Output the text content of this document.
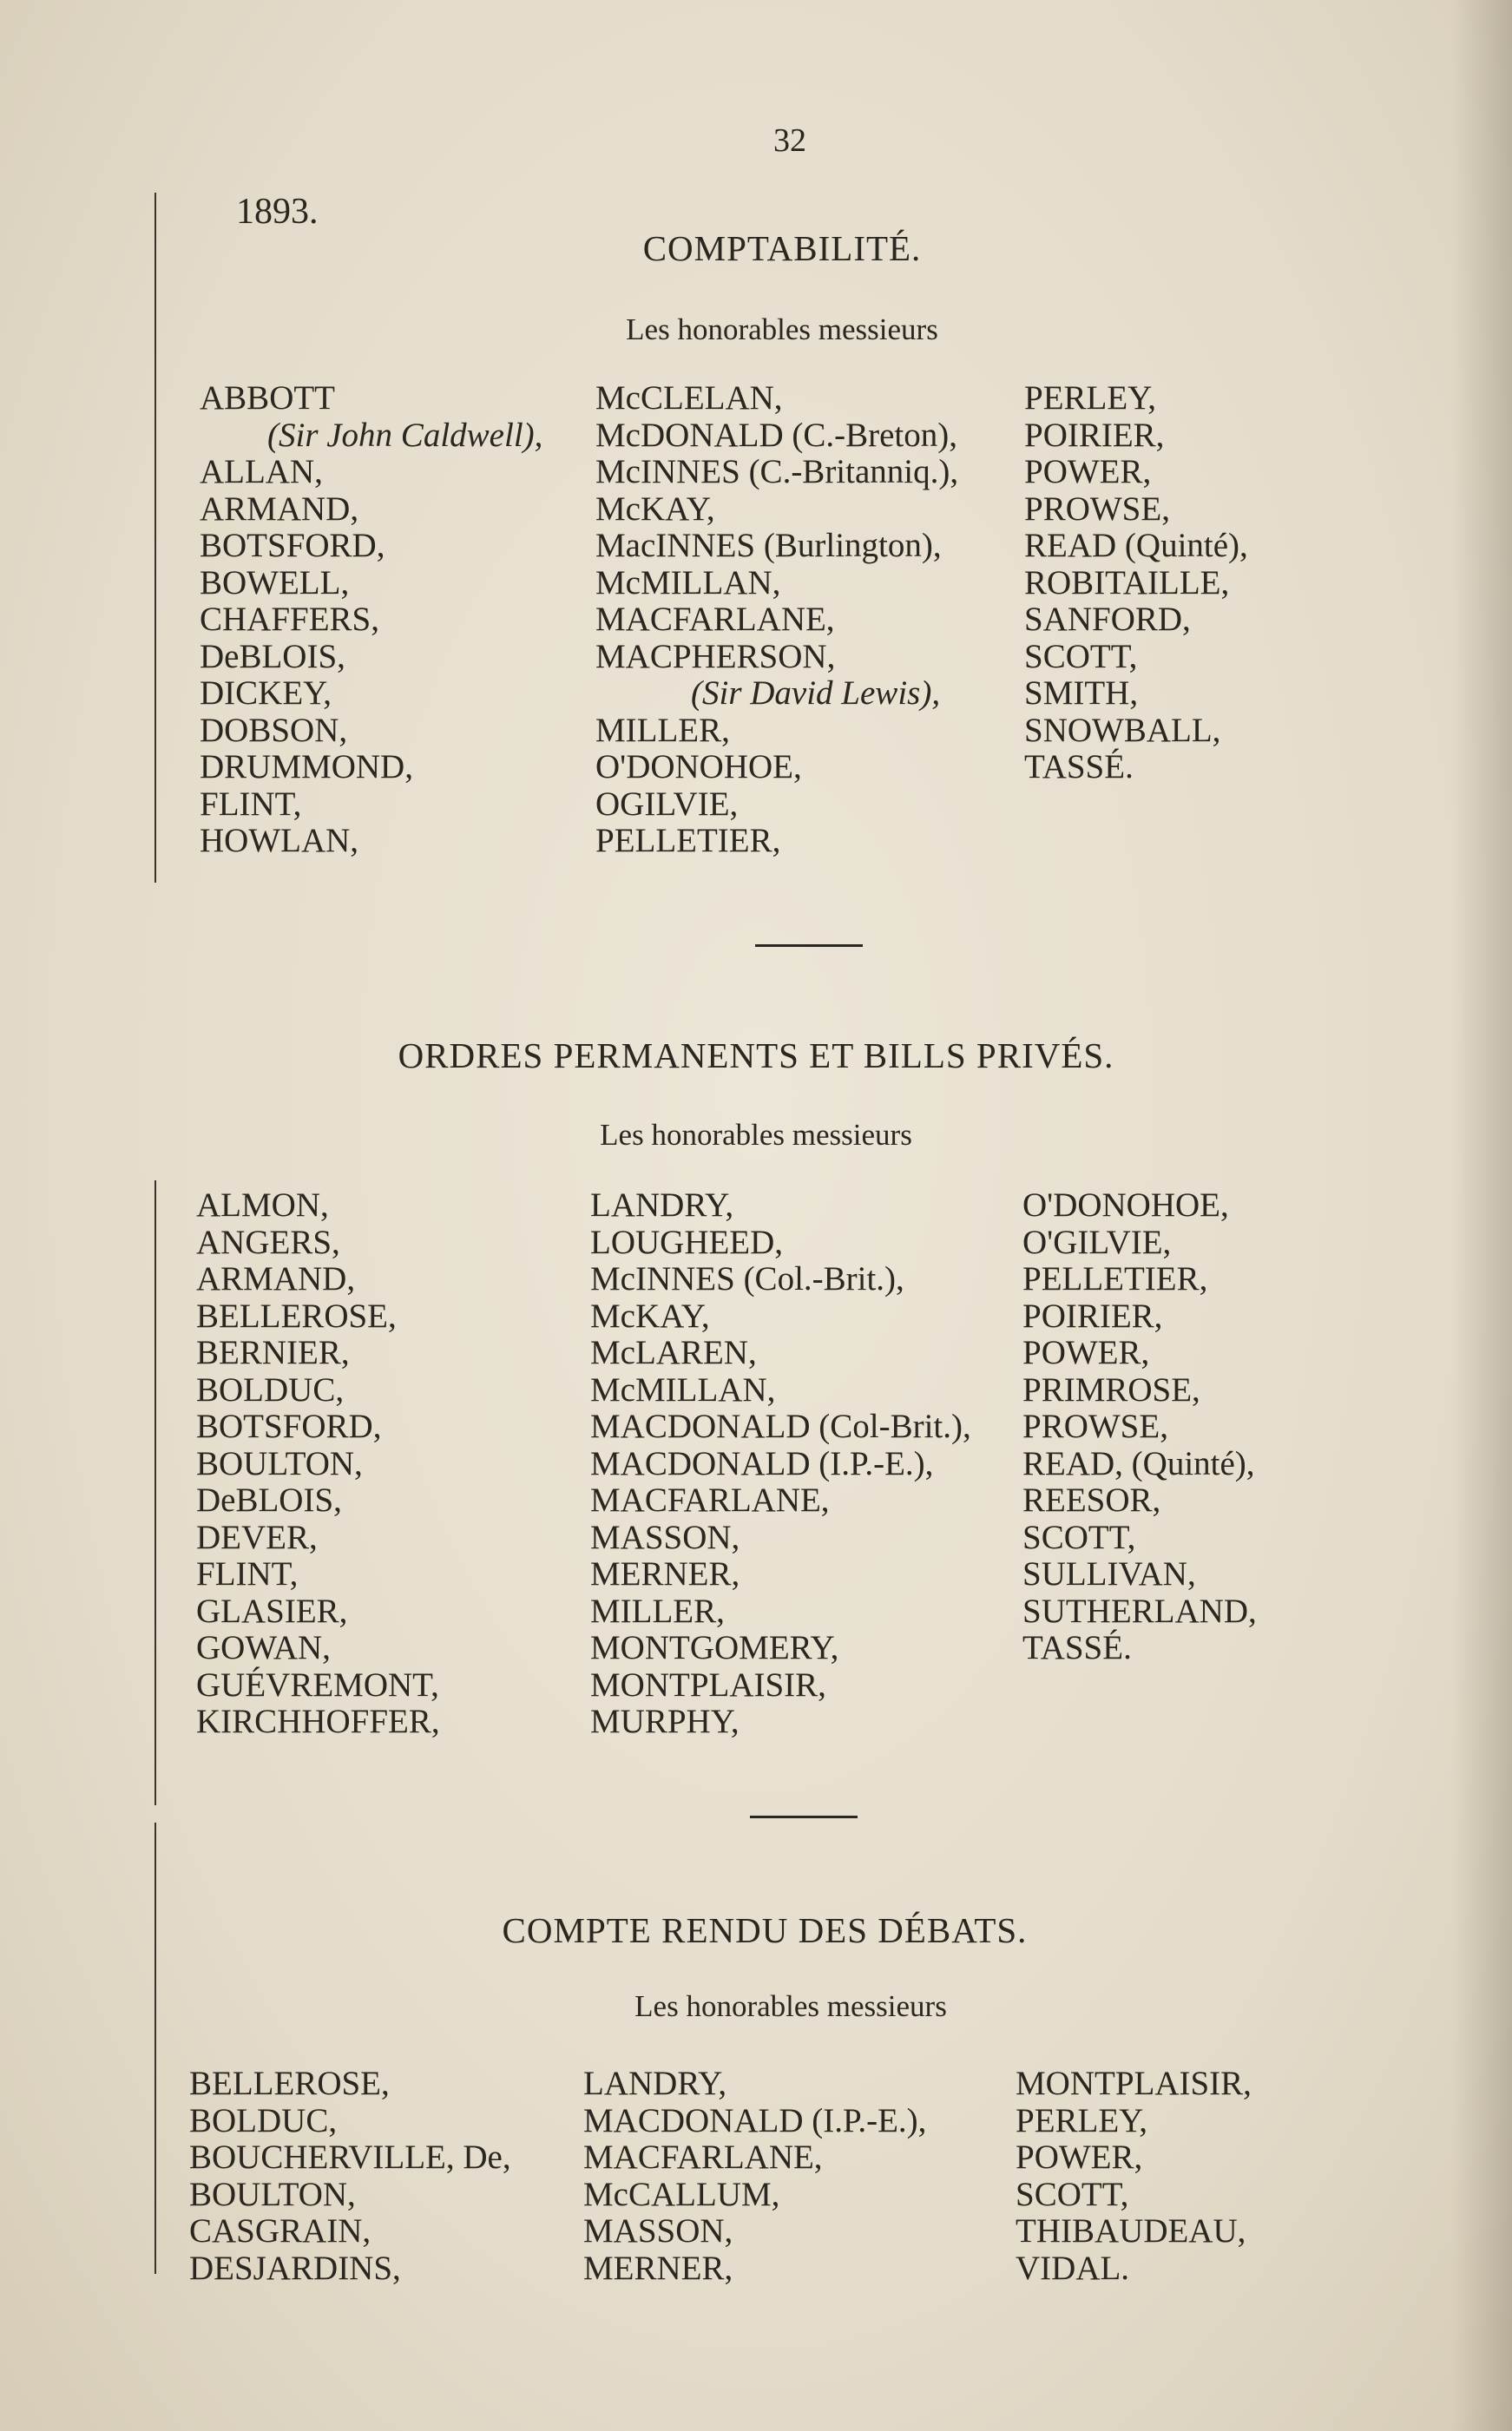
32
1893.
COMPTABILITÉ.
Les honorables messieurs
ABBOTT
(Sir John Caldwell),
ALLAN,
ARMAND,
BOTSFORD,
BOWELL,
CHAFFERS,
DeBLOIS,
DICKEY,
DOBSON,
DRUMMOND,
FLINT,
HOWLAN,
McCLELAN,
McDONALD (C.-Breton),
McINNES (C.-Britanniq.),
McKAY,
MacINNES (Burlington),
McMILLAN,
MACFARLANE,
MACPHERSON,
(Sir David Lewis),
MILLER,
O'DONOHOE,
OGILVIE,
PELLETIER,
PERLEY,
POIRIER,
POWER,
PROWSE,
READ (Quinté),
ROBITAILLE,
SANFORD,
SCOTT,
SMITH,
SNOWBALL,
TASSÉ.
ORDRES PERMANENTS ET BILLS PRIVÉS.
Les honorables messieurs
ALMON,
ANGERS,
ARMAND,
BELLEROSE,
BERNIER,
BOLDUC,
BOTSFORD,
BOULTON,
DeBLOIS,
DEVER,
FLINT,
GLASIER,
GOWAN,
GUÉVREMONT,
KIRCHHOFFER,
LANDRY,
LOUGHEED,
McINNES (Col.-Brit.),
McKAY,
McLAREN,
McMILLAN,
MACDONALD (Col-Brit.),
MACDONALD (I.P.-E.),
MACFARLANE,
MASSON,
MERNER,
MILLER,
MONTGOMERY,
MONTPLAISIR,
MURPHY,
O'DONOHOE,
O'GILVIE,
PELLETIER,
POIRIER,
POWER,
PRIMROSE,
PROWSE,
READ, (Quinté),
REESOR,
SCOTT,
SULLIVAN,
SUTHERLAND,
TASSÉ.
COMPTE RENDU DES DÉBATS.
Les honorables messieurs
BELLEROSE,
BOLDUC,
BOUCHERVILLE, De,
BOULTON,
CASGRAIN,
DESJARDINS,
LANDRY,
MACDONALD (I.P.-E.),
MACFARLANE,
McCALLUM,
MASSON,
MERNER,
MONTPLAISIR,
PERLEY,
POWER,
SCOTT,
THIBAUDEAU,
VIDAL.
